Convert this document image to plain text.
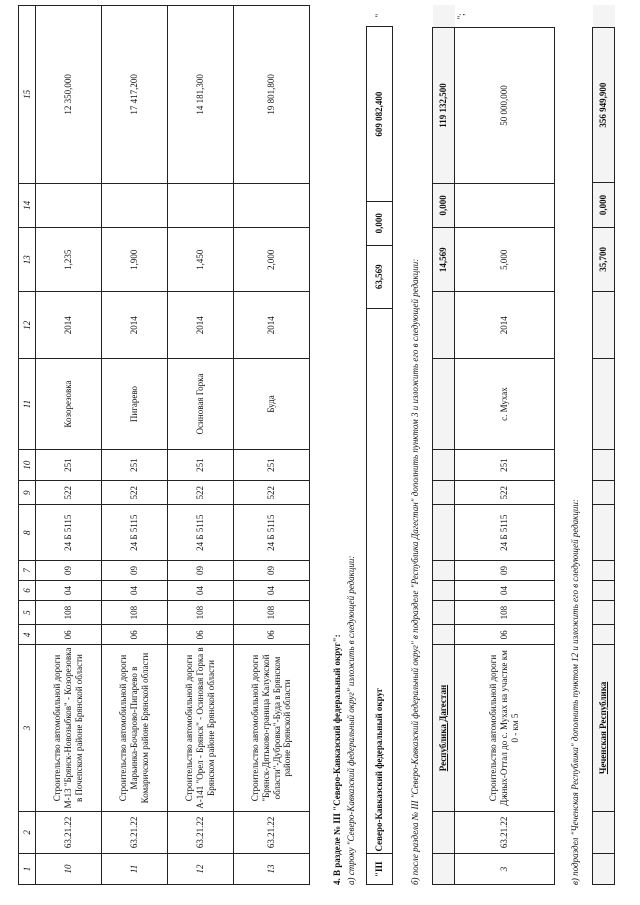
1	2	3	4	5	6	7	8	9	10	11	12	13	14	15
10	63.21.22	Строительство автомобильной дороги М-13 "Брянск-Новозыбков" - Козорезовка в Почепском районе Брянской области	06	108	04	09	24 Б 5115	522	251	Козорезовка	2014	1,235		12 350,000
11	63.21.22	Строительство автомобильной дороги Марьинка-Бочарово-Пигарево в Комаричском районе Брянской области	06	108	04	09	24 Б 5115	522	251	Пигарево	2014	1,900		17 417,200
12	63.21.22	Строительство автомобильной дороги А-141 "Орел - Брянск" - Осиновая Горка в Брянском районе Брянской области	06	108	04	09	24 Б 5115	522	251	Осиновая Горка	2014	1,450		14 181,300
13	63.21.22	Строительство автомобильной дороги "Брянск-Дятьково-граница Калужской области"-Дубровка"-Буда в Брянском районе Брянской области	06	108	04	09	24 Б 5115	522	251	Буда	2014	2,000		19 801,800
4. В разделе № III "Северо-Кавказский федеральный округ": а) строку "Северо-Кавказский федеральный округ" изложить в следующей редакции: "III	Северо-Кавказский федеральный округ	63,569	0,000	609 082,400	"
б) после раздела № III "Северо-Кавказский федеральный округ" в подразделе "Республика Дагестан" дополнить пунктом 3 и изложить его в следующей редакции:
		Республика Дагестан										14,569	0,000	119 132,500	
3	63.21.22	Строительство автомобильной дороги Джных-Оттал до с. Мухах на участке км 0 - км 5	06	108	04	09	24 Б 5115	522	251	с. Мухах	2014	5,000		50 000,000	";
в) подраздел "Чеченская Республика" дополнить пунктом 12 и изложить его в следующей редакции:
		Чеченская Республика										35,700	0,000	356 949,900	
